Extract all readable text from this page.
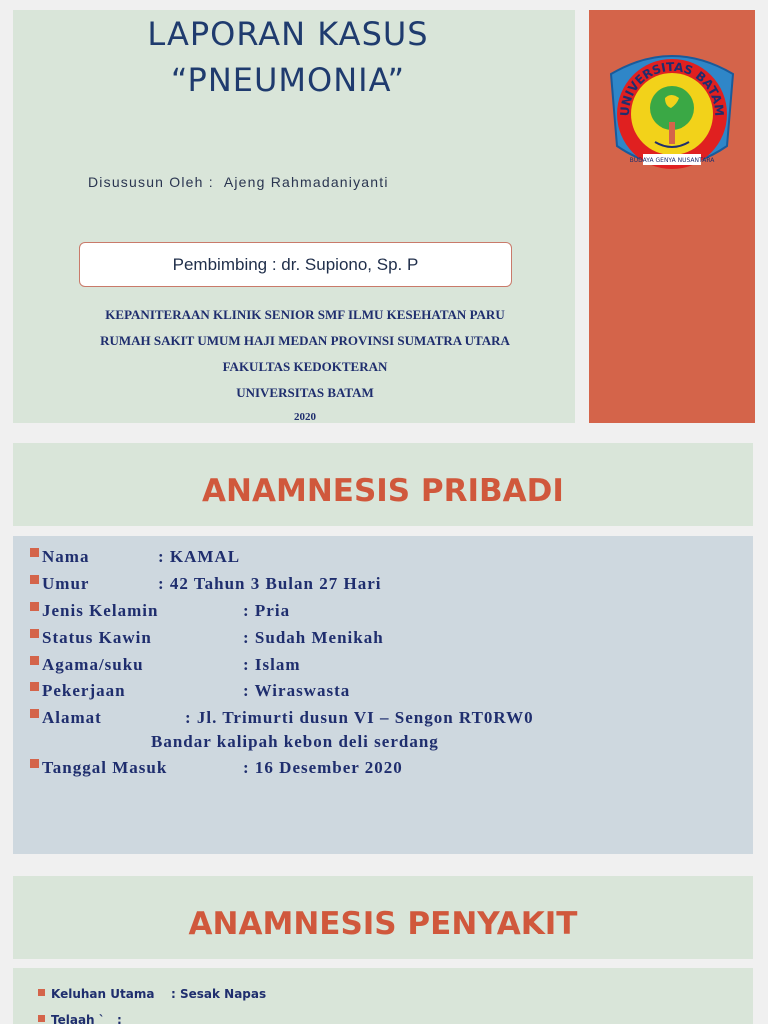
LAPORAN KASUS
“PNEUMONIA”
Disususun Oleh : Ajeng Rahmadaniyanti
Pembimbing : dr. Supiono, Sp. P
KEPANITERAAN KLINIK SENIOR SMF ILMU KESEHATAN PARU
RUMAH SAKIT UMUM HAJI MEDAN PROVINSI SUMATRA UTARA
FAKULTAS KEDOKTERAN
UNIVERSITAS BATAM
2020
UNIVERSITAS BATAM
BUDAYA GENYA NUSANTARA
ANAMNESIS PRIBADI
Nama	: KAMAL
Umur	: 42 Tahun 3 Bulan 27 Hari
Jenis Kelamin	: Pria
Status Kawin	: Sudah Menikah
Agama/suku	: Islam
Pekerjaan	: Wiraswasta
Alamat	: Jl. Trimurti dusun VI – Sengon RT0RW0
Bandar kalipah kebon deli serdang
Tanggal Masuk	: 16 Desember 2020
ANAMNESIS PENYAKIT
Keluhan Utama : Sesak Napas
Telaah ` :
